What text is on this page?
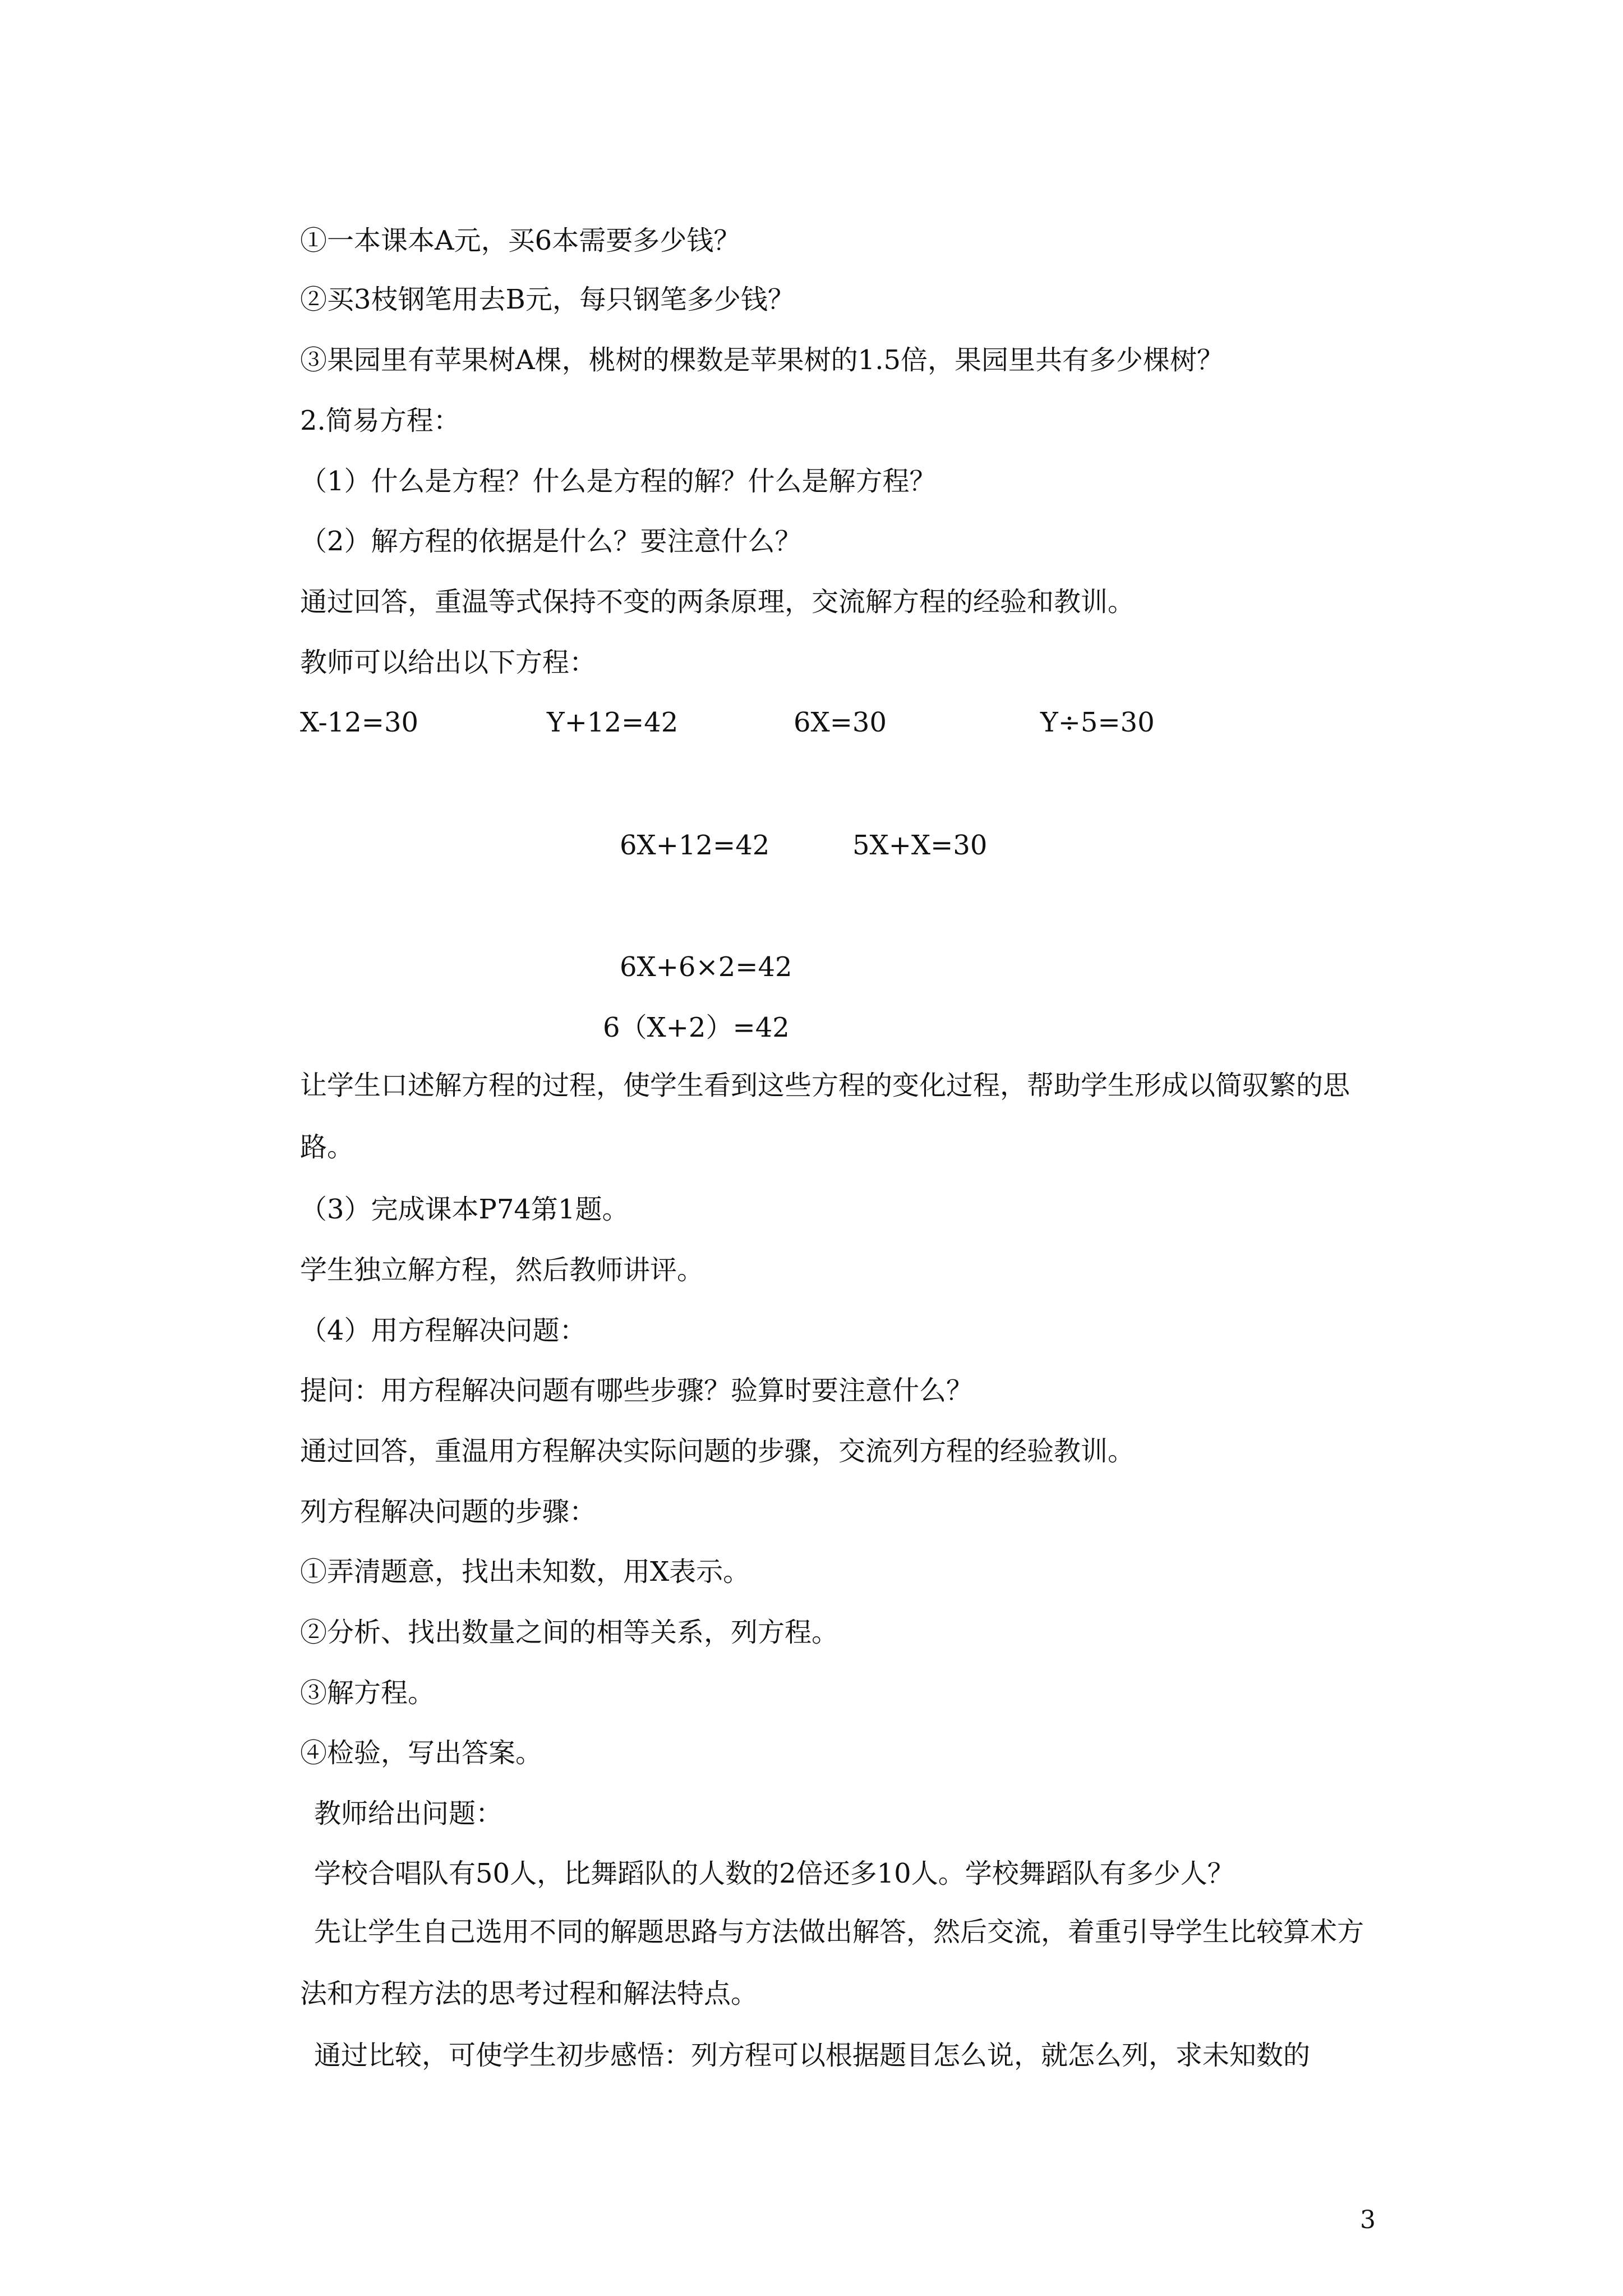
①一本课本A元，买6本需要多少钱？
②买3枝钢笔用去B元，每只钢笔多少钱？
③果园里有苹果树A棵，桃树的棵数是苹果树的1.5倍，果园里共有多少棵树？
2.简易方程：
（1）什么是方程？什么是方程的解？什么是解方程？
（2）解方程的依据是什么？要注意什么？
通过回答，重温等式保持不变的两条原理，交流解方程的经验和教训。
教师可以给出以下方程：
X-12=30	Y+12=42	6X=30	Y÷5=30
6X+12=42	5X+X=30
6X+6×2=42
6（X+2）=42
让学生口述解方程的过程，使学生看到这些方程的变化过程，帮助学生形成以简驭繁的思路。
（3）完成课本P74第1题。
学生独立解方程，然后教师讲评。
（4）用方程解决问题：
提问：用方程解决问题有哪些步骤？验算时要注意什么？
通过回答，重温用方程解决实际问题的步骤，交流列方程的经验教训。
列方程解决问题的步骤：
①弄清题意，找出未知数，用X表示。
②分析、找出数量之间的相等关系，列方程。
③解方程。
④检验，写出答案。
教师给出问题：
学校合唱队有50人，比舞蹈队的人数的2倍还多10人。学校舞蹈队有多少人？
先让学生自己选用不同的解题思路与方法做出解答，然后交流，着重引导学生比较算术方法和方程方法的思考过程和解法特点。
通过比较，可使学生初步感悟：列方程可以根据题目怎么说，就怎么列，求未知数的
3
